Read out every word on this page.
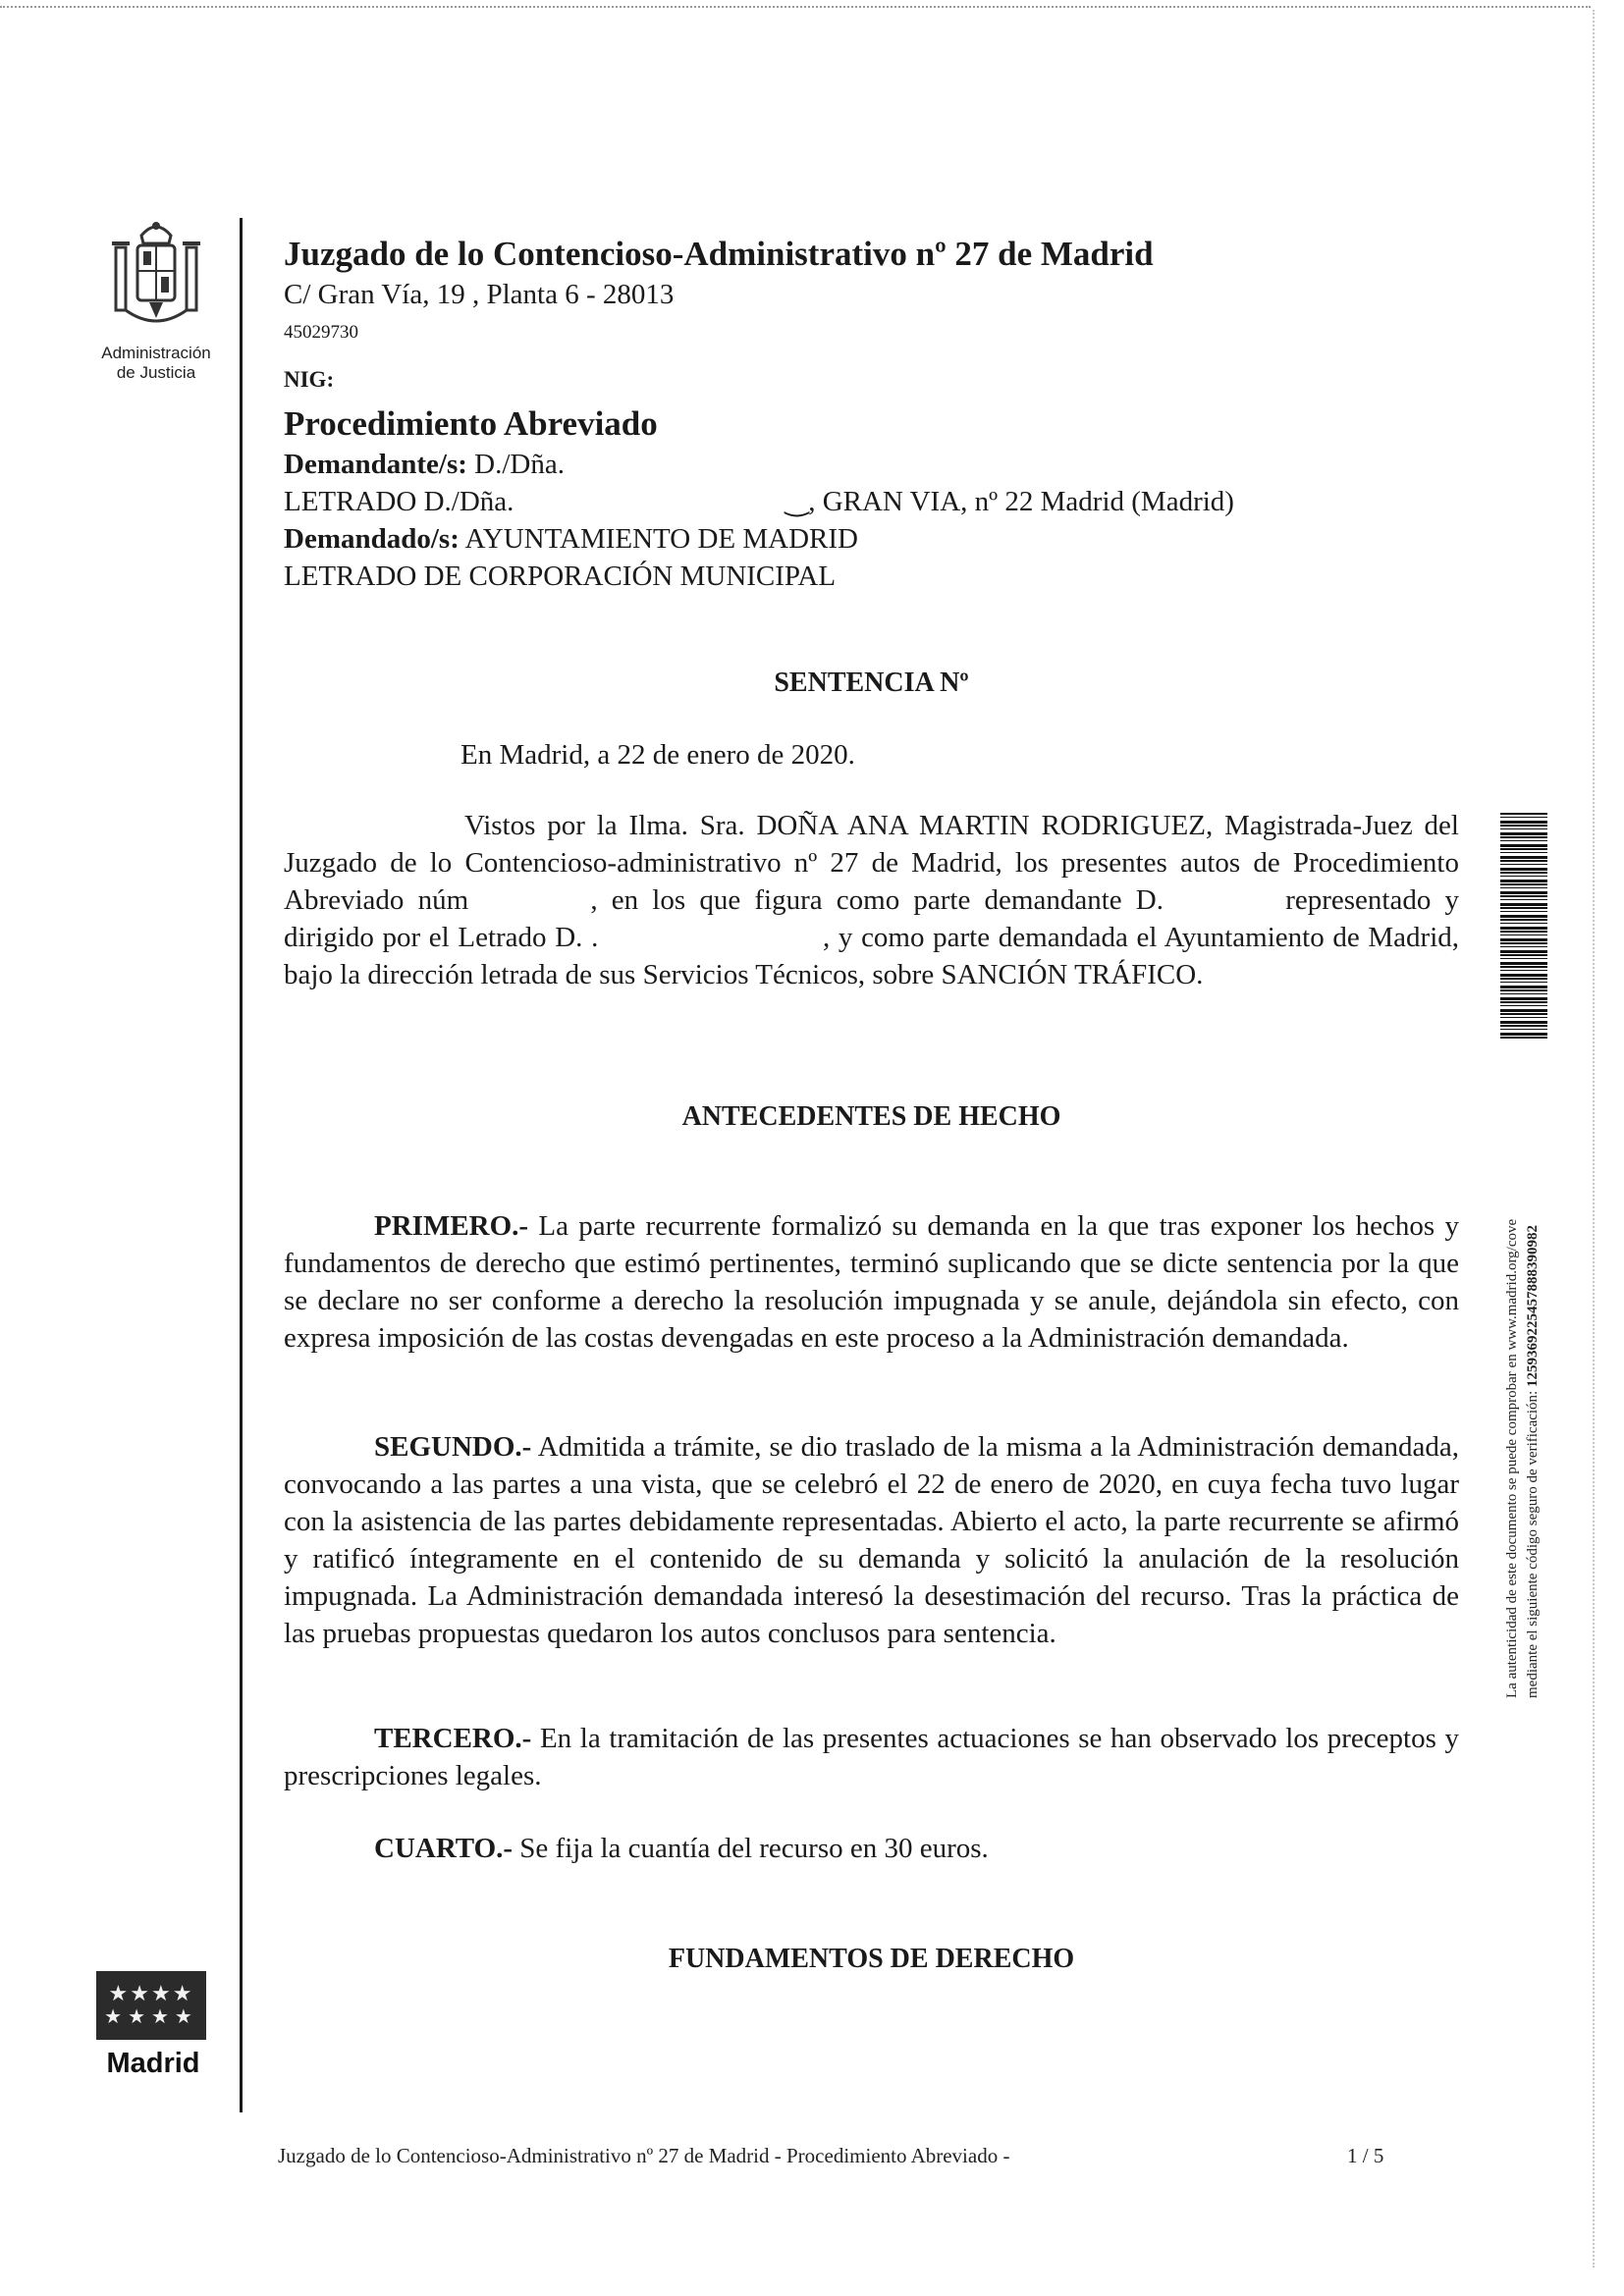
Administración
de Justicia
Juzgado de lo Contencioso-Administrativo nº 27 de Madrid
C/ Gran Vía, 19 , Planta 6 - 28013
45029730
NIG:
Procedimiento Abreviado
Demandante/s: D./Dña.
LETRADO D./Dña.	‿, GRAN VIA, nº 22 Madrid (Madrid)
Demandado/s: AYUNTAMIENTO DE MADRID
LETRADO DE CORPORACIÓN MUNICIPAL
SENTENCIA Nº

En Madrid, a 22 de enero de 2020.

Vistos por la Ilma. Sra. DOÑA ANA MARTIN RODRIGUEZ, Magistrada-Juez del Juzgado de lo Contencioso-administrativo nº 27 de Madrid, los presentes autos de Procedimiento Abreviado núm	, en los que figura como parte demandante D.	representado y dirigido por el Letrado D. .	, y como parte demandada el Ayuntamiento de Madrid, bajo la dirección letrada de sus Servicios Técnicos, sobre SANCIÓN TRÁFICO.

ANTECEDENTES DE HECHO

PRIMERO.- La parte recurrente formalizó su demanda en la que tras exponer los hechos y fundamentos de derecho que estimó pertinentes, terminó suplicando que se dicte sentencia por la que se declare no ser conforme a derecho la resolución impugnada y se anule, dejándola sin efecto, con expresa imposición de las costas devengadas en este proceso a la Administración demandada.

SEGUNDO.- Admitida a trámite, se dio traslado de la misma a la Administración demandada, convocando a las partes a una vista, que se celebró el 22 de enero de 2020, en cuya fecha tuvo lugar con la asistencia de las partes debidamente representadas. Abierto el acto, la parte recurrente se afirmó y ratificó íntegramente en el contenido de su demanda y solicitó la anulación de la resolución impugnada. La Administración demandada interesó la desestimación del recurso. Tras la práctica de las pruebas propuestas quedaron los autos conclusos para sentencia.

TERCERO.- En la tramitación de las presentes actuaciones se han observado los preceptos y prescripciones legales.

CUARTO.- Se fija la cuantía del recurso en 30 euros.

FUNDAMENTOS DE DERECHO
La autenticidad de este documento se puede comprobar en www.madrid.org/cove mediante el siguiente código seguro de verificación: 1259369225457888390982
★★★★
★★★★
Madrid
Juzgado de lo Contencioso-Administrativo nº 27 de Madrid - Procedimiento Abreviado -	1 / 5
